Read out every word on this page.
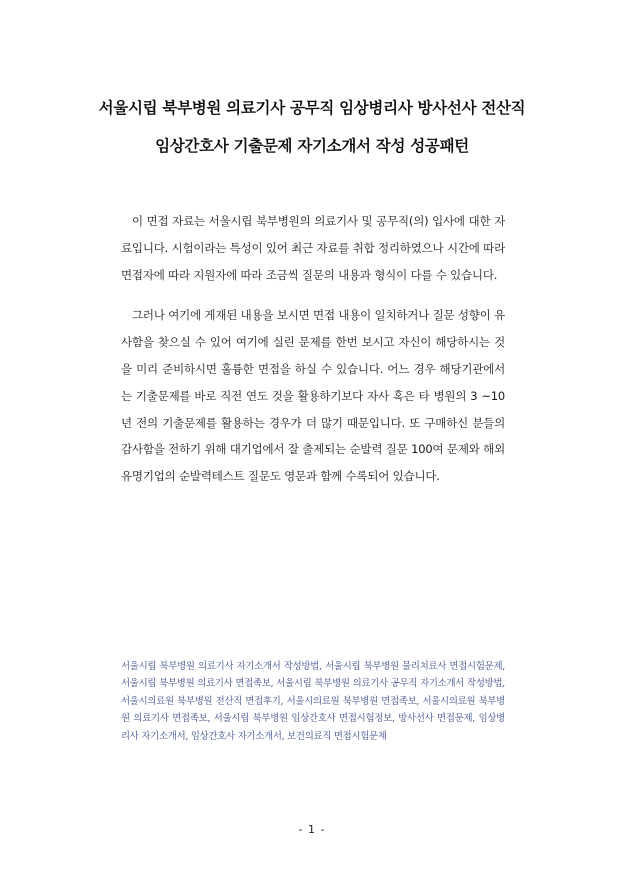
서울시립 북부병원 의료기사 공무직 임상병리사 방사선사 전산직
임상간호사 기출문제 자기소개서 작성 성공패턴

이 면접 자료는 서울시립 북부병원의 의료기사 및 공무직(의) 입사에 대한 자료입니다. 시험이라는 특성이 있어 최근 자료를 취합 정리하였으나 시간에 따라 면접자에 따라 지원자에 따라 조금씩 질문의 내용과 형식이 다를 수 있습니다.

그러나 여기에 게재된 내용을 보시면 면접 내용이 일치하거나 질문 성향이 유사함을 찾으실 수 있어 여기에 실린 문제를 한번 보시고 자신이 해당하시는 것을 미리 준비하시면 훌륭한 면접을 하실 수 있습니다. 어느 경우 해당기관에서는 기출문제를 바로 직전 연도 것을 활용하기보다 자사 혹은 타 병원의 3 ~10년 전의 기출문제를 활용하는 경우가 더 많기 때문입니다. 또 구매하신 분들의 감사함을 전하기 위해 대기업에서 잘 출제되는 순발력 질문 100여 문제와 해외 유명기업의 순발력테스트 질문도 영문과 함께 수록되어 있습니다.

서울시립 북부병원 의료기사 자기소개서 작성방법, 서울시립 북부병원 물리치료사 면접시험문제, 서울시립 북부병원 의료기사 면접족보, 서울시립 북부병원 의료기사 공무직 자기소개서 작성방법, 서울시의료원 북부병원 전산직 면접후기, 서울시의료원 북부병원 면접족보, 서울시의료원 북부병원 의료기사 면접족보, 서울시립 북부병원 임상간호사 면접시험정보, 방사선사 면접문제, 임상병리사 자기소개서, 임상간호사 자기소개서, 보건의료직 면접시험문제
- 1 -
